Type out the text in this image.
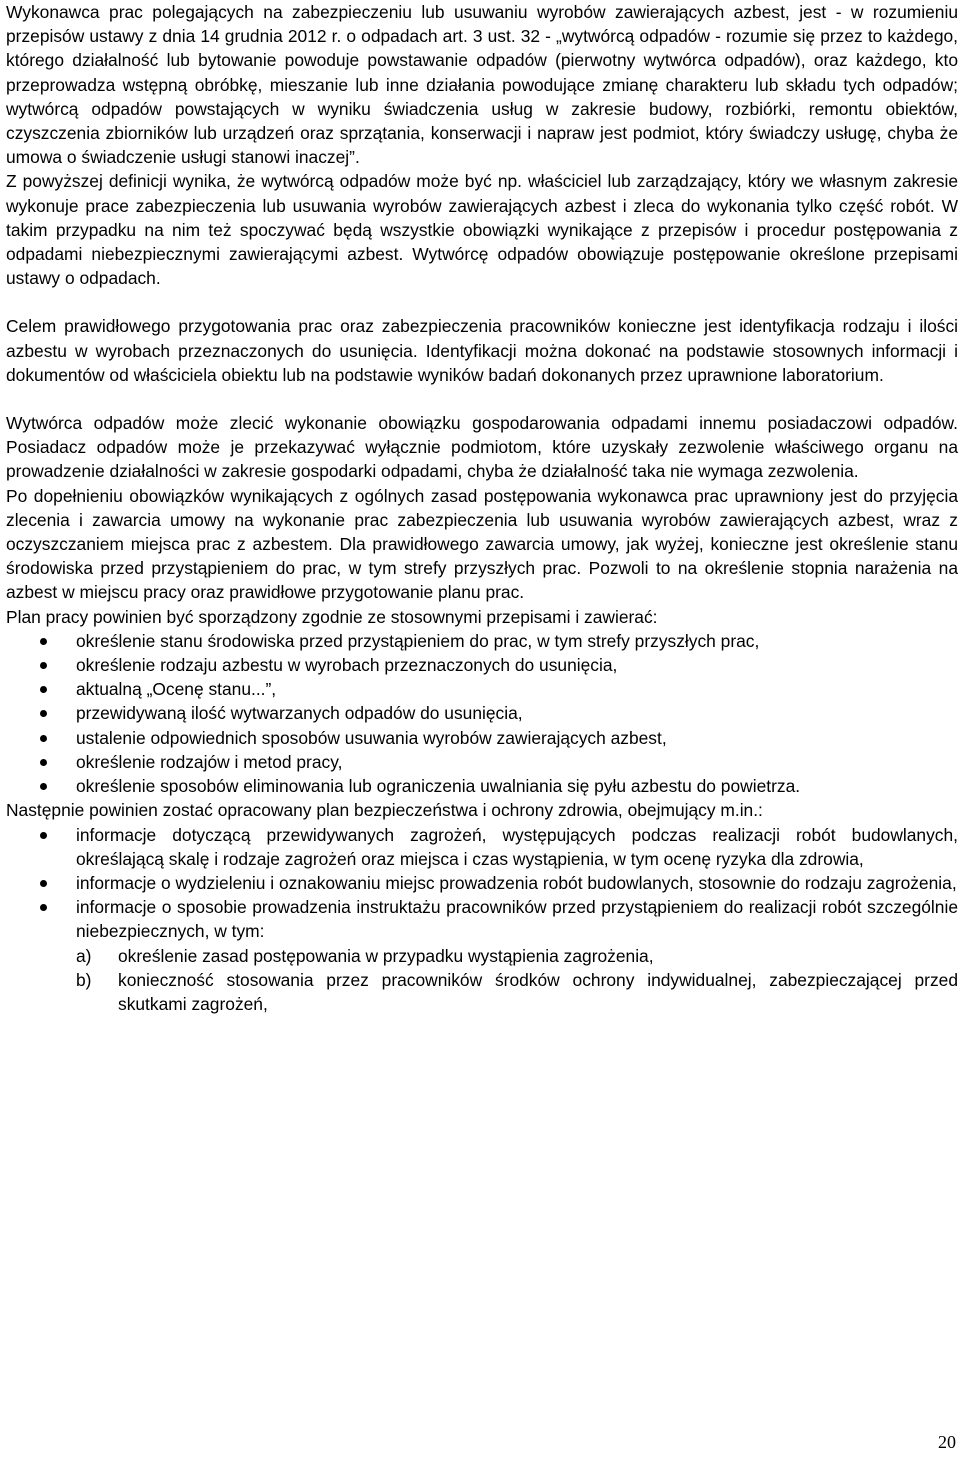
Wykonawca prac polegających na zabezpieczeniu lub usuwaniu wyrobów zawierających azbest, jest - w rozumieniu przepisów ustawy z dnia 14 grudnia 2012 r. o odpadach art. 3 ust. 32 - „wytwórcą odpadów - rozumie się przez to każdego, którego działalność lub bytowanie powoduje powstawanie odpadów (pierwotny wytwórca odpadów), oraz każdego, kto przeprowadza wstępną obróbkę, mieszanie lub inne działania powodujące zmianę charakteru lub składu tych odpadów; wytwórcą odpadów powstających w wyniku świadczenia usług w zakresie budowy, rozbiórki, remontu obiektów, czyszczenia zbiorników lub urządzeń oraz sprzątania, konserwacji i napraw jest podmiot, który świadczy usługę, chyba że umowa o świadczenie usługi stanowi inaczej”.

Z powyższej definicji wynika, że wytwórcą odpadów może być np. właściciel lub zarządzający, który we własnym zakresie wykonuje prace zabezpieczenia lub usuwania wyrobów zawierających azbest i zleca do wykonania tylko część robót. W takim przypadku na nim też spoczywać będą wszystkie obowiązki wynikające z przepisów i procedur postępowania z odpadami niebezpiecznymi zawierającymi azbest. Wytwórcę odpadów obowiązuje postępowanie określone przepisami ustawy o odpadach.

Celem prawidłowego przygotowania prac oraz zabezpieczenia pracowników konieczne jest identyfikacja rodzaju i ilości azbestu w wyrobach przeznaczonych do usunięcia. Identyfikacji można dokonać na podstawie stosownych informacji i dokumentów od właściciela obiektu lub na podstawie wyników badań dokonanych przez uprawnione laboratorium.

Wytwórca odpadów może zlecić wykonanie obowiązku gospodarowania odpadami innemu posiadaczowi odpadów. Posiadacz odpadów może je przekazywać wyłącznie podmiotom, które uzyskały zezwolenie właściwego organu na prowadzenie działalności w zakresie gospodarki odpadami, chyba że działalność taka nie wymaga zezwolenia.

Po dopełnieniu obowiązków wynikających z ogólnych zasad postępowania wykonawca prac uprawniony jest do przyjęcia zlecenia i zawarcia umowy na wykonanie prac zabezpieczenia lub usuwania wyrobów zawierających azbest, wraz z oczyszczaniem miejsca prac z azbestem. Dla prawidłowego zawarcia umowy, jak wyżej, konieczne jest określenie stanu środowiska przed przystąpieniem do prac, w tym strefy przyszłych prac. Pozwoli to na określenie stopnia narażenia na azbest w miejscu pracy oraz prawidłowe przygotowanie planu prac.

Plan pracy powinien być sporządzony zgodnie ze stosownymi przepisami i zawierać:

określenie stanu środowiska przed przystąpieniem do prac, w tym strefy przyszłych prac,
określenie rodzaju azbestu w wyrobach przeznaczonych do usunięcia,
aktualną „Ocenę stanu...”,
przewidywaną ilość wytwarzanych odpadów do usunięcia,
ustalenie odpowiednich sposobów usuwania wyrobów zawierających azbest,
określenie rodzajów i metod pracy,
określenie sposobów eliminowania lub ograniczenia uwalniania się pyłu azbestu do powietrza.

Następnie powinien zostać opracowany plan bezpieczeństwa i ochrony zdrowia, obejmujący m.in.:

informacje dotyczącą przewidywanych zagrożeń, występujących podczas realizacji robót budowlanych, określającą skalę i rodzaje zagrożeń oraz miejsca i czas wystąpienia, w tym ocenę ryzyka dla zdrowia,
informacje o wydzieleniu i oznakowaniu miejsc prowadzenia robót budowlanych, stosownie do rodzaju zagrożenia,
informacje o sposobie prowadzenia instruktażu pracowników przed przystąpieniem do realizacji robót szczególnie niebezpiecznych, w tym:
a) określenie zasad postępowania w przypadku wystąpienia zagrożenia,
b) konieczność stosowania przez pracowników środków ochrony indywidualnej, zabezpieczającej przed skutkami zagrożeń,
20
